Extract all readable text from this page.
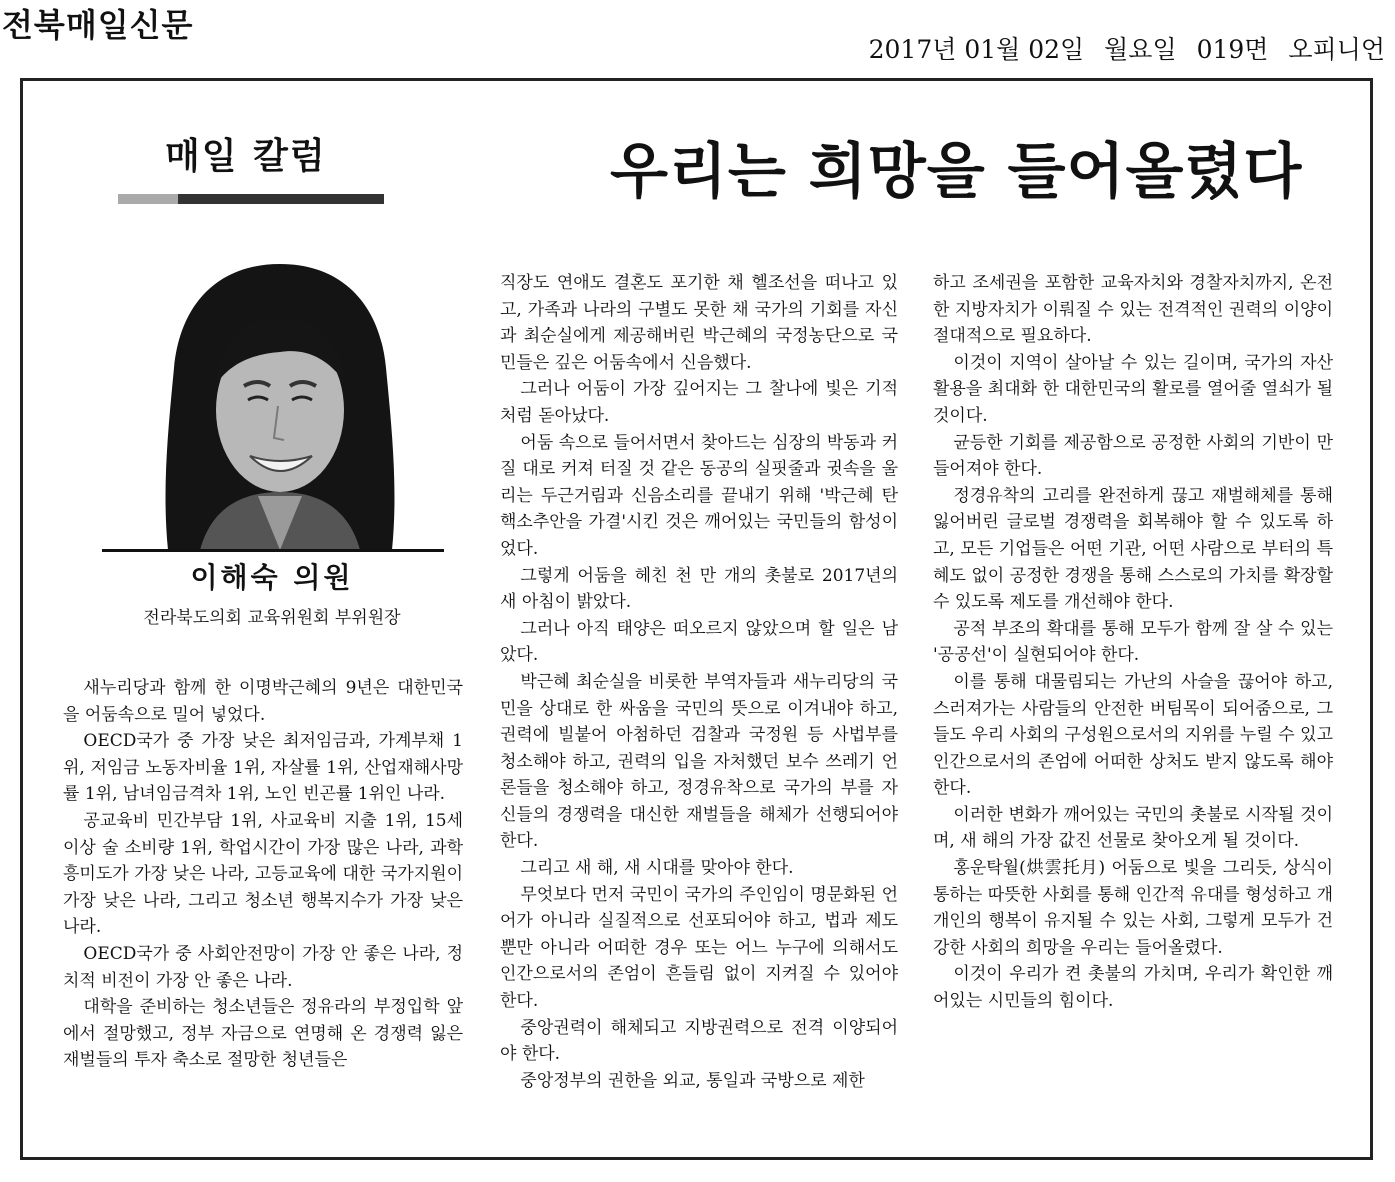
전북매일신문
2017년 01월 02일 월요일 019면 오피니언
매일 칼럼	우리는 희망을 들어올렸다
이해숙 의원
전라북도의회 교육위원회 부위원장

새누리당과 함께 한 이명박근혜의 9년은 대한민국을 어둠속으로 밀어 넣었다.

OECD국가 중 가장 낮은 최저임금과, 가계부채 1위, 저임금 노동자비율 1위, 자살률 1위, 산업재해사망률 1위, 남녀임금격차 1위, 노인 빈곤률 1위인 나라.

공교육비 민간부담 1위, 사교육비 지출 1위, 15세 이상 술 소비량 1위, 학업시간이 가장 많은 나라, 과학 흥미도가 가장 낮은 나라, 고등교육에 대한 국가지원이 가장 낮은 나라, 그리고 청소년 행복지수가 가장 낮은 나라.

OECD국가 중 사회안전망이 가장 안 좋은 나라, 정치적 비전이 가장 안 좋은 나라.

대학을 준비하는 청소년들은 정유라의 부정입학 앞에서 절망했고, 정부 자금으로 연명해 온 경쟁력 잃은 재벌들의 투자 축소로 절망한 청년들은

직장도 연애도 결혼도 포기한 채 헬조선을 떠나고 있고, 가족과 나라의 구별도 못한 채 국가의 기회를 자신과 최순실에게 제공해버린 박근혜의 국정농단으로 국민들은 깊은 어둠속에서 신음했다.

그러나 어둠이 가장 깊어지는 그 찰나에 빛은 기적처럼 돋아났다.

어둠 속으로 들어서면서 찾아드는 심장의 박동과 커질 대로 커져 터질 것 같은 동공의 실핏줄과 귓속을 울리는 두근거림과 신음소리를 끝내기 위해 '박근혜 탄핵소추안을 가결'시킨 것은 깨어있는 국민들의 함성이었다.

그렇게 어둠을 헤친 천 만 개의 촛불로 2017년의 새 아침이 밝았다.

그러나 아직 태양은 떠오르지 않았으며 할 일은 남았다.

박근혜 최순실을 비롯한 부역자들과 새누리당의 국민을 상대로 한 싸움을 국민의 뜻으로 이겨내야 하고, 권력에 빌붙어 아첨하던 검찰과 국정원 등 사법부를 청소해야 하고, 권력의 입을 자처했던 보수 쓰레기 언론들을 청소해야 하고, 정경유착으로 국가의 부를 자신들의 경쟁력을 대신한 재벌들을 해체가 선행되어야 한다.

그리고 새 해, 새 시대를 맞아야 한다.

무엇보다 먼저 국민이 국가의 주인임이 명문화된 언어가 아니라 실질적으로 선포되어야 하고, 법과 제도뿐만 아니라 어떠한 경우 또는 어느 누구에 의해서도 인간으로서의 존엄이 흔들림 없이 지켜질 수 있어야 한다.

중앙권력이 해체되고 지방권력으로 전격 이양되어야 한다.

중앙정부의 권한을 외교, 통일과 국방으로 제한

하고 조세권을 포함한 교육자치와 경찰자치까지, 온전한 지방자치가 이뤄질 수 있는 전격적인 권력의 이양이 절대적으로 필요하다.

이것이 지역이 살아날 수 있는 길이며, 국가의 자산 활용을 최대화 한 대한민국의 활로를 열어줄 열쇠가 될 것이다.

균등한 기회를 제공함으로 공정한 사회의 기반이 만들어져야 한다.

정경유착의 고리를 완전하게 끊고 재벌해체를 통해 잃어버린 글로벌 경쟁력을 회복해야 할 수 있도록 하고, 모든 기업들은 어떤 기관, 어떤 사람으로 부터의 특혜도 없이 공정한 경쟁을 통해 스스로의 가치를 확장할 수 있도록 제도를 개선해야 한다.

공적 부조의 확대를 통해 모두가 함께 잘 살 수 있는 '공공선'이 실현되어야 한다.

이를 통해 대물림되는 가난의 사슬을 끊어야 하고, 스러져가는 사람들의 안전한 버팀목이 되어줌으로, 그들도 우리 사회의 구성원으로서의 지위를 누릴 수 있고 인간으로서의 존엄에 어떠한 상처도 받지 않도록 해야 한다.

이러한 변화가 깨어있는 국민의 촛불로 시작될 것이며, 새 해의 가장 값진 선물로 찾아오게 될 것이다.

홍운탁월(烘雲托月) 어둠으로 빛을 그리듯, 상식이 통하는 따뜻한 사회를 통해 인간적 유대를 형성하고 개개인의 행복이 유지될 수 있는 사회, 그렇게 모두가 건강한 사회의 희망을 우리는 들어올렸다.

이것이 우리가 켠 촛불의 가치며, 우리가 확인한 깨어있는 시민들의 힘이다.
